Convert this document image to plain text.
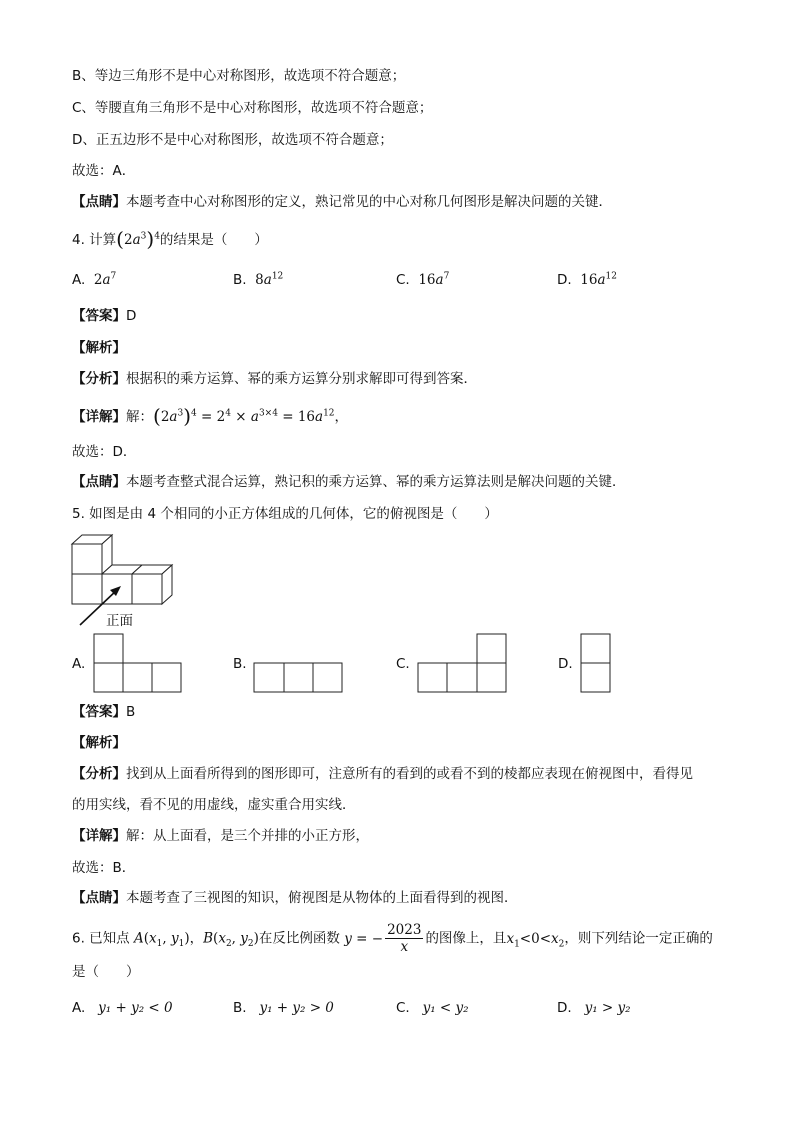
B、等边三角形不是中心对称图形，故选项不符合题意；
C、等腰直角三角形不是中心对称图形，故选项不符合题意；
D、正五边形不是中心对称图形，故选项不符合题意；
故选：A．
【点睛】本题考查中心对称图形的定义，熟记常见的中心对称几何图形是解决问题的关键．
4. 计算$(2a^3)^4$的结果是（　　）
A. $2a^7$	B. $8a^{12}$	C. $16a^7$	D. $16a^{12}$
【答案】D
【解析】
【分析】根据积的乘方运算、幂的乘方运算分别求解即可得到答案．
【详解】解：$(2a^3)^4 = 2^4 \times a^{3\times 4} = 16a^{12}$，
故选：D．
【点睛】本题考查整式混合运算，熟记积的乘方运算、幂的乘方运算法则是解决问题的关键．
5. 如图是由 4 个相同的小正方体组成的几何体，它的俯视图是（　　）
正面
A.	B.	C.	D.
【答案】B
【解析】
【分析】找到从上面看所得到的图形即可，注意所有的看到的或看不到的棱都应表现在俯视图中，看得见
的用实线，看不见的用虚线，虚实重合用实线．
【详解】解：从上面看，是三个并排的小正方形，
故选：B．
【点睛】本题考查了三视图的知识，俯视图是从物体的上面看得到的视图．
6. 已知点 $A(x_1$, $y_1$)，$B(x_2$, $y_2$)在反比例函数 y = − $\frac{2023}{x}$ 的图像上，且$x_1<0<x_2$，则下列结论一定正确的
是（　　）
A. y₁ + y₂ < 0	B. y₁ + y₂ > 0	C. y₁ < y₂	D. y₁ > y₂
